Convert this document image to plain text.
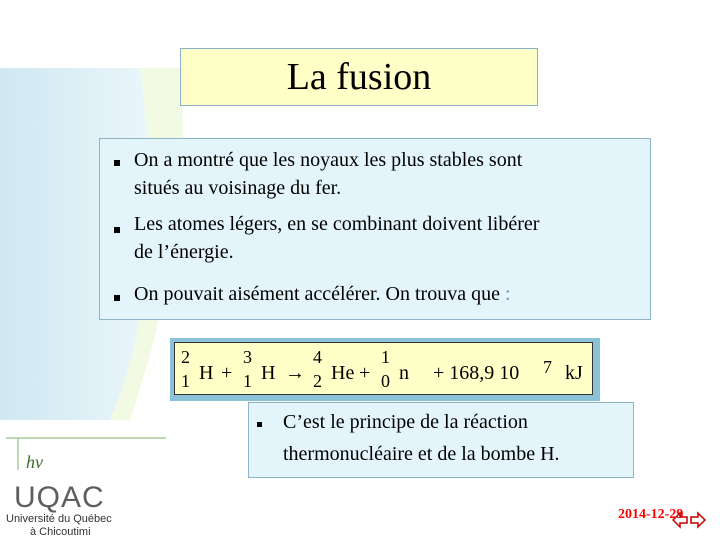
La fusion
On a montré que les noyaux les plus stables sont
situés au voisinage du fer.
Les atomes légers, en se combinant doivent libérer
de l’énergie.
On pouvait aisément accélérer. On trouva que :
2
1 H +
3
1 H →
4
2 He +
1
0 n + 168,9 10 7 kJ
C’est le principe de la réaction
thermonucléaire et de la bombe H.
hν
UQAC
Université du Québec
à Chicoutimi
2014-12-29
